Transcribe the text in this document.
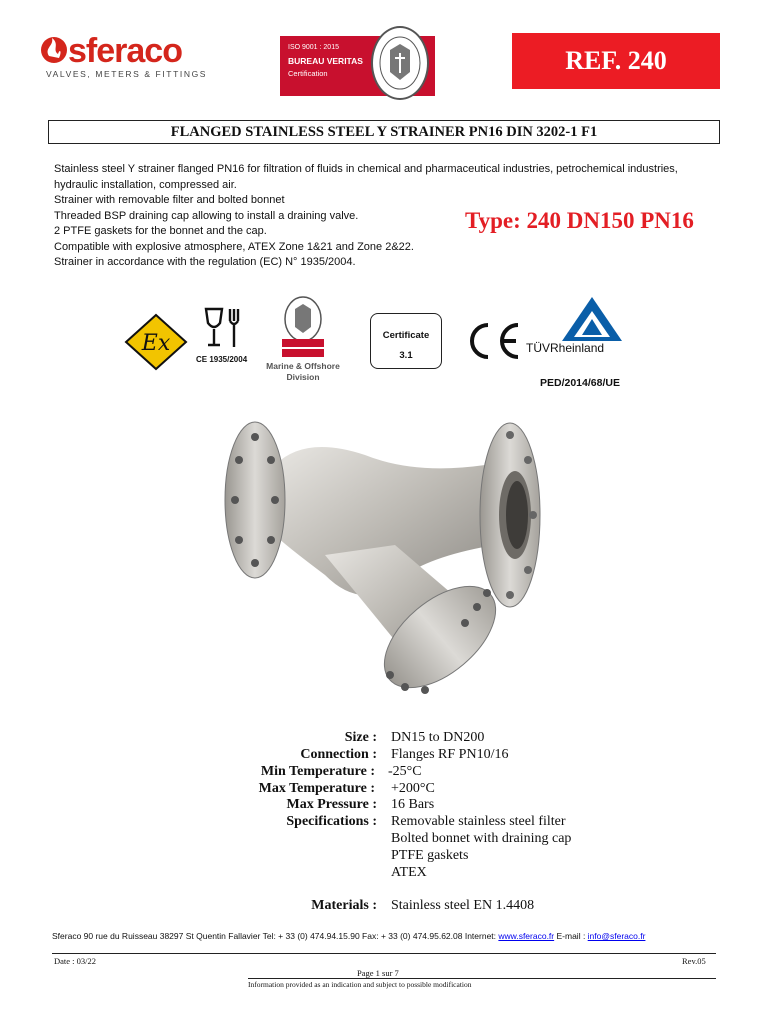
sferaco
VALVES, METERS & FITTINGS
ISO 9001 : 2015
BUREAU VERITAS
Certification	REF. 240
FLANGED STAINLESS STEEL Y STRAINER PN16 DIN 3202-1 F1
Stainless steel Y strainer flanged PN16 for filtration of fluids in chemical and pharmaceutical industries, petrochemical industries,
hydraulic installation, compressed air.
Strainer with removable filter and bolted bonnet
Threaded BSP draining cap allowing to install a draining valve.
2 PTFE gaskets for the bonnet and the cap.
Compatible with explosive atmosphere, ATEX Zone 1&21 and Zone 2&22.
Strainer in accordance with the regulation (EC) N° 1935/2004.
Type: 240 DN150 PN16
Ex
CE 1935/2004
Marine & Offshore
Division
Certificate
3.1
TÜVRheinland
PED/2014/68/UE
Size : DN15 to DN200
Connection : Flanges RF PN10/16
Min Temperature : -25°C
Max Temperature : +200°C
Max Pressure : 16 Bars
Specifications : Removable stainless steel filter
Bolted bonnet with draining cap
PTFE gaskets
ATEX
Materials : Stainless steel EN 1.4408
Sferaco 90 rue du Ruisseau 38297 St Quentin Fallavier Tel: + 33 (0) 474.94.15.90 Fax: + 33 (0) 474.95.62.08 Internet: www.sferaco.fr E-mail : info@sferaco.fr
Date : 03/22	Rev.05
Page 1 sur 7
Information provided as an indication and subject to possible modification
